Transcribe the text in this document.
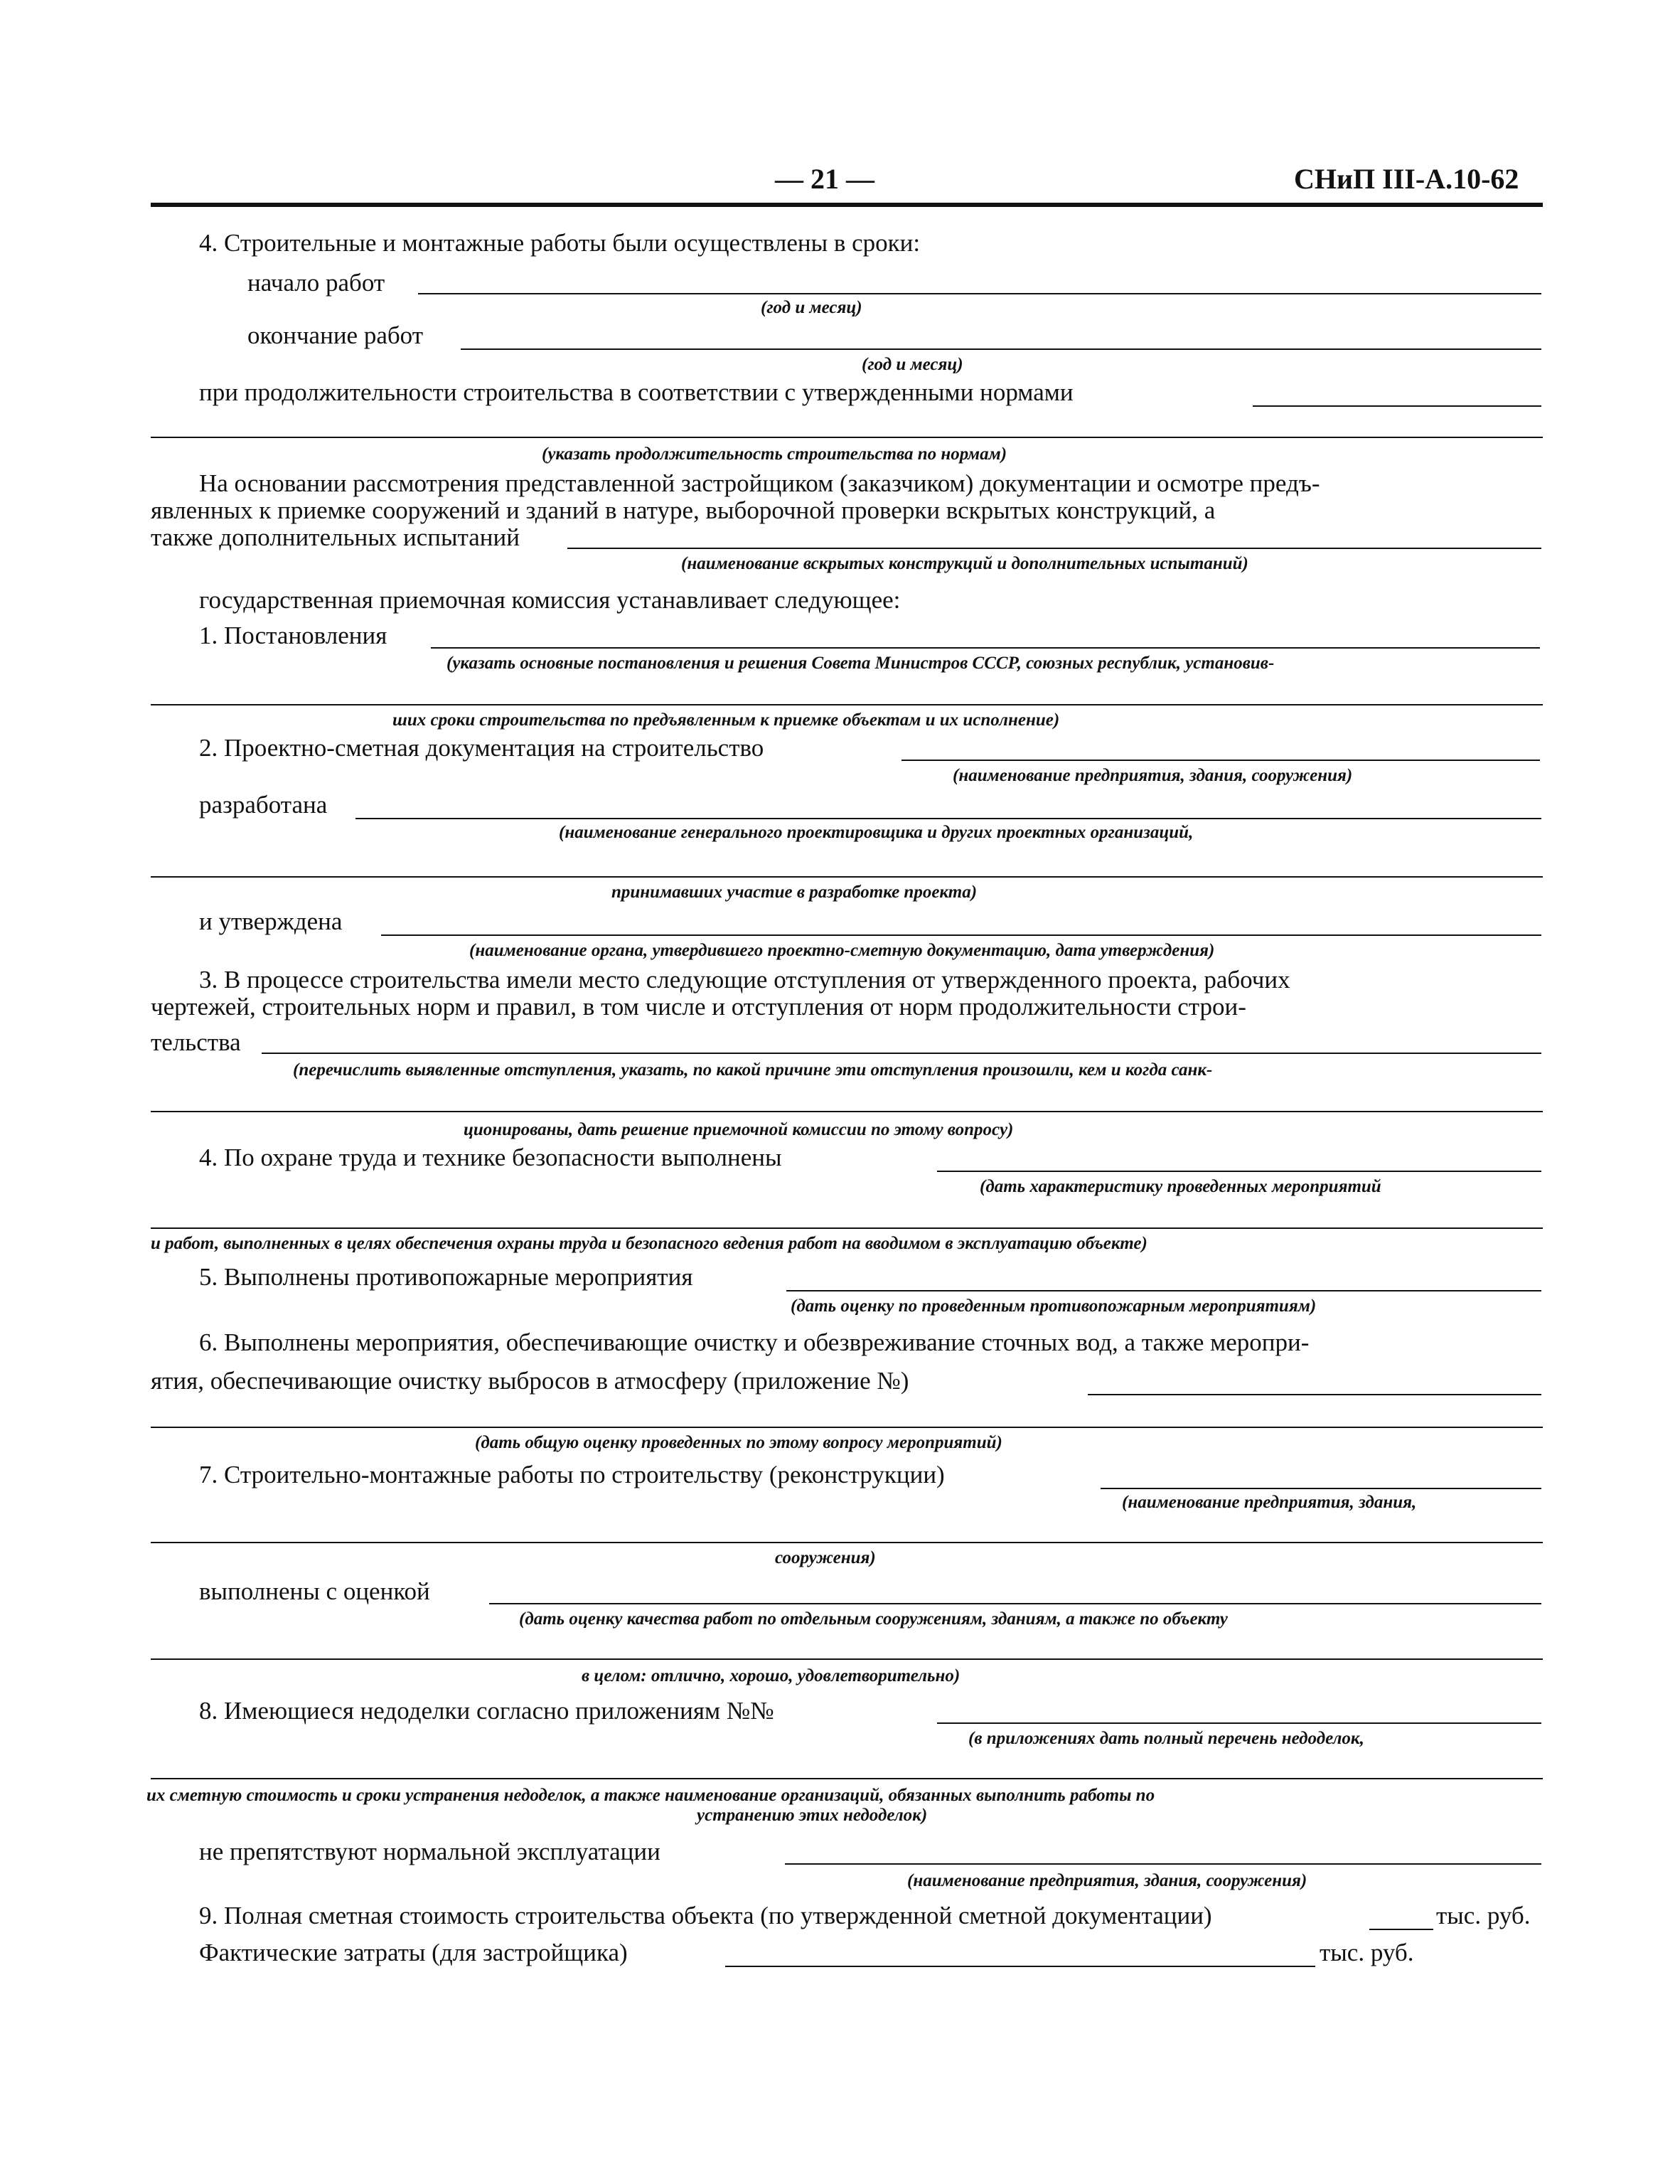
— 21 —	СНиП III-А.10-62
4. Строительные и монтажные работы были осуществлены в сроки:
начало работ
(год и месяц)
окончание работ
(год и месяц)
при продолжительности строительства в соответствии с утвержденными нормами
(указать продолжительность строительства по нормам)
На основании рассмотрения представленной застройщиком (заказчиком) документации и осмотре предъ-
явленных к приемке сооружений и зданий в натуре, выборочной проверки вскрытых конструкций, а
также дополнительных испытаний
(наименование вскрытых конструкций и дополнительных испытаний)
государственная приемочная комиссия устанавливает следующее:
1. Постановления
(указать основные постановления и решения Совета Министров СССР, союзных республик, установив-
ших сроки строительства по предъявленным к приемке объектам и их исполнение)
2. Проектно-сметная документация на строительство
(наименование предприятия, здания, сооружения)
разработана
(наименование генерального проектировщика и других проектных организаций,
принимавших участие в разработке проекта)
и утверждена
(наименование органа, утвердившего проектно-сметную документацию, дата утверждения)
3. В процессе строительства имели место следующие отступления от утвержденного проекта, рабочих
чертежей, строительных норм и правил, в том числе и отступления от норм продолжительности строи-
тельства
(перечислить выявленные отступления, указать, по какой причине эти отступления произошли, кем и когда санк-
ционированы, дать решение приемочной комиссии по этому вопросу)
4. По охране труда и технике безопасности выполнены
(дать характеристику проведенных мероприятий
и работ, выполненных в целях обеспечения охраны труда и безопасного ведения работ на вводимом в эксплуатацию объекте)
5. Выполнены противопожарные мероприятия
(дать оценку по проведенным противопожарным мероприятиям)
6. Выполнены мероприятия, обеспечивающие очистку и обезвреживание сточных вод, а также меропри-
ятия, обеспечивающие очистку выбросов в атмосферу (приложение №)
(дать общую оценку проведенных по этому вопросу мероприятий)
7. Строительно-монтажные работы по строительству (реконструкции)
(наименование предприятия, здания,
сооружения)
выполнены с оценкой
(дать оценку качества работ по отдельным сооружениям, зданиям, а также по объекту
в целом: отлично, хорошо, удовлетворительно)
8. Имеющиеся недоделки согласно приложениям №№
(в приложениях дать полный перечень недоделок,
их сметную стоимость и сроки устранения недоделок, а также наименование организаций, обязанных выполнить работы по
устранению этих недоделок)
не препятствуют нормальной эксплуатации
(наименование предприятия, здания, сооружения)
9. Полная сметная стоимость строительства объекта (по утвержденной сметной документации)	тыс. руб.
Фактические затраты (для застройщика)	тыс. руб.
